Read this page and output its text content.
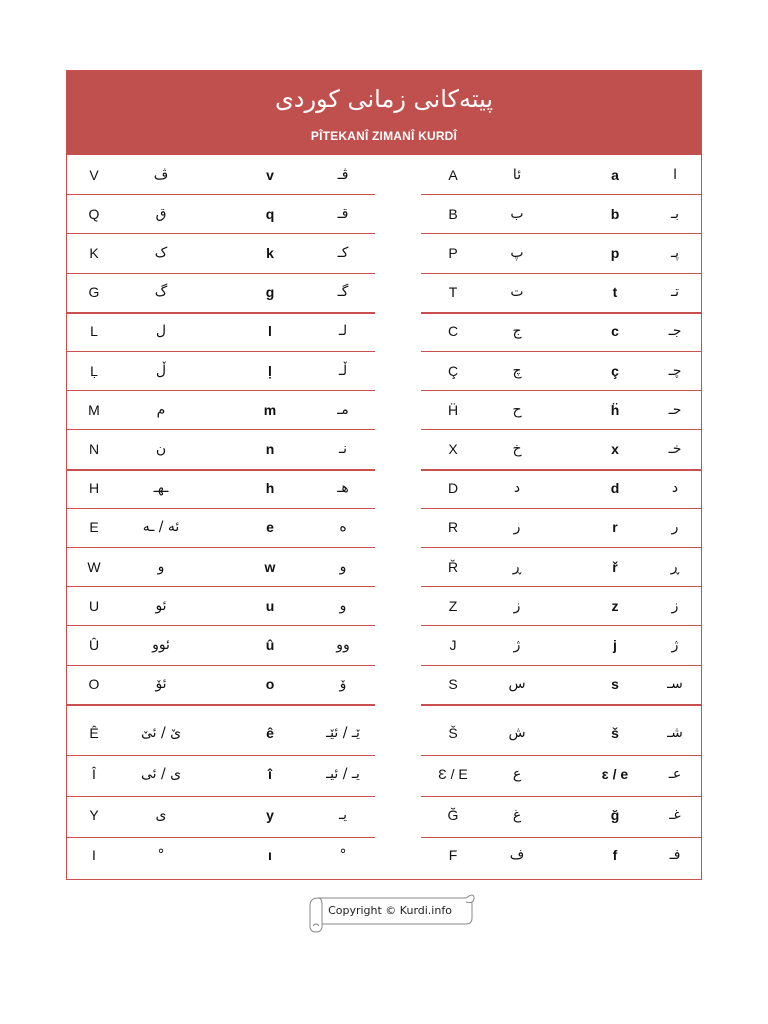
پیتەکانی زمانی کوردی
PÎTEKANÎ ZIMANÎ KURDÎ
V	ڤ	v	ڤـ	A	ئا	a	ا
Q	ق	q	قـ	B	ب	b	بـ
K	ک	k	کـ	P	پ	p	پـ
G	گ	g	گـ	T	ت	t	تـ
L	ل	l	لـ	C	ج	c	جـ
Ḷ	ڵ	ḷ	ڵـ	Ç	چ	ç	چـ
M	م	m	مـ	Ḧ	ح	ḧ	حـ
N	ن	n	نـ	X	خ	x	خـ
H	ـهـ	h	هـ	D	د	d	د
E	ئە / ـە	e	ە	R	ر	r	ر
W	و	w	و	Ř	ڕ	ř	ڕ
U	ئو	u	و	Z	ز	z	ز
Û	ئوو	û	وو	J	ژ	j	ژ
O	ئۆ	o	ۆ	S	س	s	سـ
Ê	ێ / ئێ	ê	ێـ / ئێـ	Š	ش	š	شـ
Î	ی / ئی	î	یـ / ئیـ	Ɛ / E	ع	ɛ / e	عـ
Y	ی	y	یـ	Ğ	غ	ğ	غـ
I	°	ı	°	F	ف	f	فـ
Copyright © Kurdi.info
